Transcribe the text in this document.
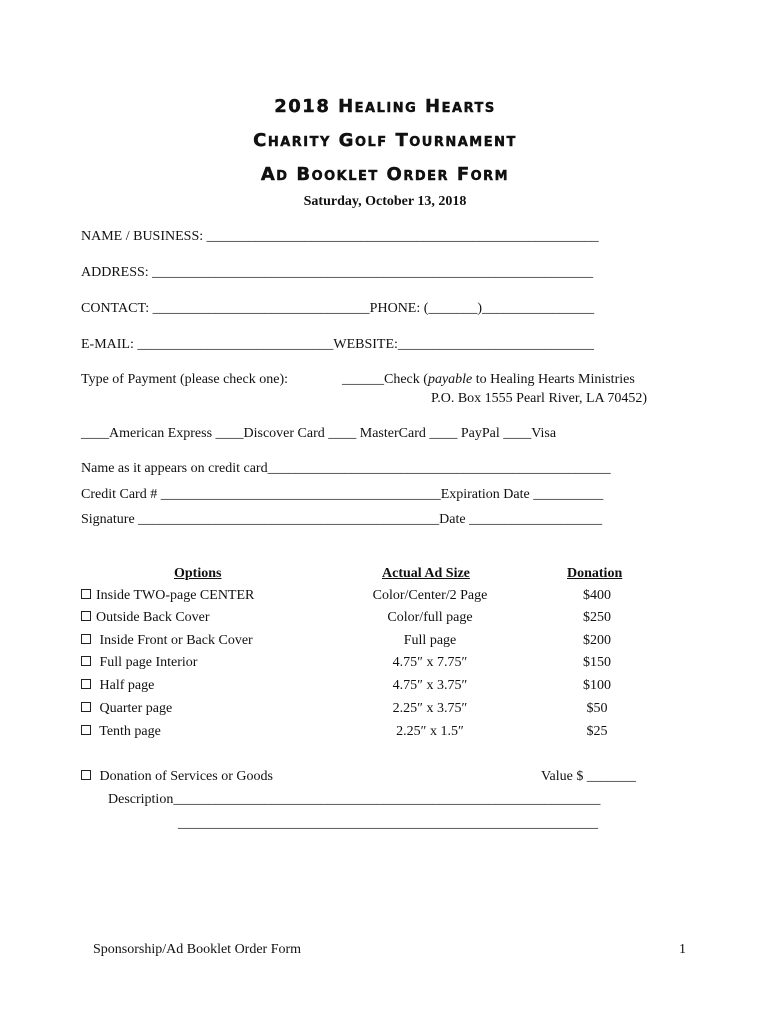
2018 Healing Hearts
Charity Golf Tournament
Ad Booklet Order Form
Saturday, October 13, 2018
NAME / BUSINESS: ________________________________________________________
ADDRESS: _______________________________________________________________
CONTACT: _______________________________PHONE: (_______)________________
E-MAIL: ____________________________WEBSITE:____________________________
Type of Payment (please check one):	______Check (payable to Healing Hearts Ministries
P.O. Box 1555 Pearl River, LA 70452)
____American Express ____Discover Card ____ MasterCard ____ PayPal ____Visa
Name as it appears on credit card_________________________________________________
Credit Card # ________________________________________Expiration Date __________
Signature ___________________________________________Date ___________________
Options	Actual Ad Size	Donation
Inside TWO-page CENTER	Color/Center/2 Page	$400
Outside Back Cover	Color/full page	$250
Inside Front or Back Cover	Full page	$200
Full page Interior	4.75″ x 7.75″	$150
Half page	4.75″ x 3.75″	$100
Quarter page	2.25″ x 3.75″	$50
Tenth page	2.25″ x 1.5″	$25
Donation of Services or Goods	Value $ _______
Description_____________________________________________________________
____________________________________________________________
Sponsorship/Ad Booklet Order Form	1
